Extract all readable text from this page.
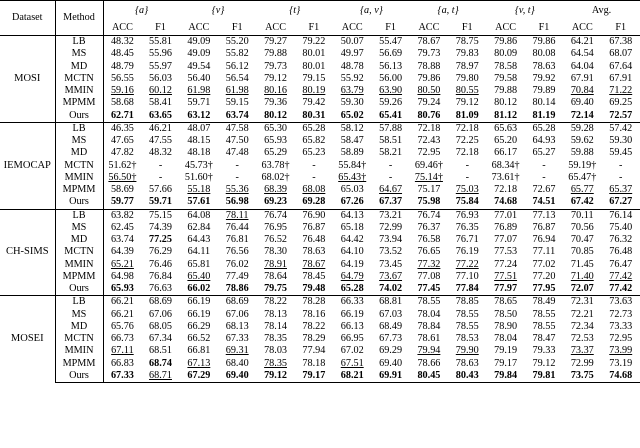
Dataset	Method	{a}		{v}		{t}		{a, v}		{a, t}		{v, t}		Avg.	
		ACC	F1	ACC	F1	ACC	F1	ACC	F1	ACC	F1	ACC	F1	ACC	F1
MOSI	LB	48.32	55.81	49.09	55.20	79.27	79.22	50.07	55.47	78.67	78.75	79.86	79.86	64.21	67.38
	MS	48.45	55.96	49.09	55.82	79.88	80.01	49.97	56.69	79.73	79.83	80.09	80.08	64.54	68.07
	MD	48.79	55.97	49.54	56.12	79.73	80.01	48.78	56.13	78.88	78.97	78.58	78.63	64.04	67.64
	MCTN	56.55	56.03	56.40	56.54	79.12	79.15	55.92	56.00	79.86	79.80	79.58	79.92	67.91	67.91
	MMIN	59.16	60.12	61.98	61.98	80.16	80.19	63.79	63.90	80.50	80.55	79.88	79.89	70.84	71.22
	MPMM	58.68	58.41	59.71	59.15	79.36	79.42	59.30	59.26	79.24	79.12	80.12	80.14	69.40	69.25
	Ours	62.71	63.65	63.12	63.74	80.12	80.31	65.02	65.41	80.76	81.09	81.12	81.19	72.14	72.57
IEMOCAP	LB	46.35	46.21	48.07	47.58	65.30	65.28	58.12	57.88	72.18	72.18	65.63	65.28	59.28	57.42
	MS	47.65	47.55	48.15	47.50	65.93	65.82	58.47	58.51	72.43	72.25	65.20	64.93	59.62	59.30
	MD	47.82	48.32	48.18	47.48	65.29	65.23	58.89	58.21	72.95	72.18	66.17	65.27	59.88	59.45
	MCTN	51.62†	-	45.73†	-	63.78†	-	55.84†	-	69.46†	-	68.34†	-	59.19†	-
	MMIN	56.50†	-	51.60†	-	68.02†	-	65.43†	-	75.14†	-	73.61†	-	65.47†	-
	MPMM	58.69	57.66	55.18	55.36	68.39	68.08	65.03	64.67	75.17	75.03	72.18	72.67	65.77	65.37
	Ours	59.77	59.71	57.61	56.98	69.23	69.28	67.26	67.37	75.98	75.84	74.68	74.51	67.42	67.27
CH-SIMS	LB	63.82	75.15	64.08	78.11	76.74	76.90	64.13	73.21	76.74	76.93	77.01	77.13	70.11	76.14
	MS	62.45	74.39	62.84	76.44	76.95	76.87	65.18	72.99	76.37	76.35	76.89	76.87	70.56	75.40
	MD	63.74	77.25	64.43	76.81	76.52	76.48	64.42	73.94	76.58	76.71	77.07	76.94	70.47	76.32
	MCTN	64.39	76.29	64.11	76.56	78.30	78.63	64.10	73.52	76.65	76.19	77.53	77.11	70.85	76.48
	MMIN	65.21	76.46	65.81	76.02	78.91	78.67	64.19	73.45	77.32	77.22	77.24	77.02	71.45	76.47
	MPMM	64.98	76.84	65.40	77.49	78.64	78.45	64.79	73.67	77.08	77.10	77.51	77.20	71.40	77.42
	Ours	65.93	76.63	66.02	78.86	79.75	79.48	65.28	74.02	77.45	77.84	77.97	77.95	72.07	77.42
MOSEI	LB	66.21	68.69	66.19	68.69	78.22	78.28	66.33	68.81	78.55	78.85	78.65	78.49	72.31	73.63
	MS	66.21	67.06	66.19	67.06	78.13	78.16	66.19	67.03	78.04	78.55	78.50	78.55	72.21	72.73
	MD	65.76	68.05	66.29	68.13	78.14	78.22	66.13	68.49	78.84	78.55	78.90	78.55	72.34	73.33
	MCTN	66.73	67.34	66.52	67.33	78.35	78.29	66.95	67.73	78.61	78.53	78.04	78.47	72.53	72.95
	MMIN	67.11	68.51	66.81	69.31	78.03	77.94	67.02	69.29	79.94	79.90	79.19	79.33	73.37	73.99
	MPMM	66.83	68.74	67.13	68.40	78.35	78.18	67.51	69.40	78.66	78.63	79.17	79.12	72.99	73.19
	Ours	67.33	68.71	67.29	69.40	79.12	79.17	68.21	69.91	80.45	80.43	79.84	79.81	73.75	74.68
